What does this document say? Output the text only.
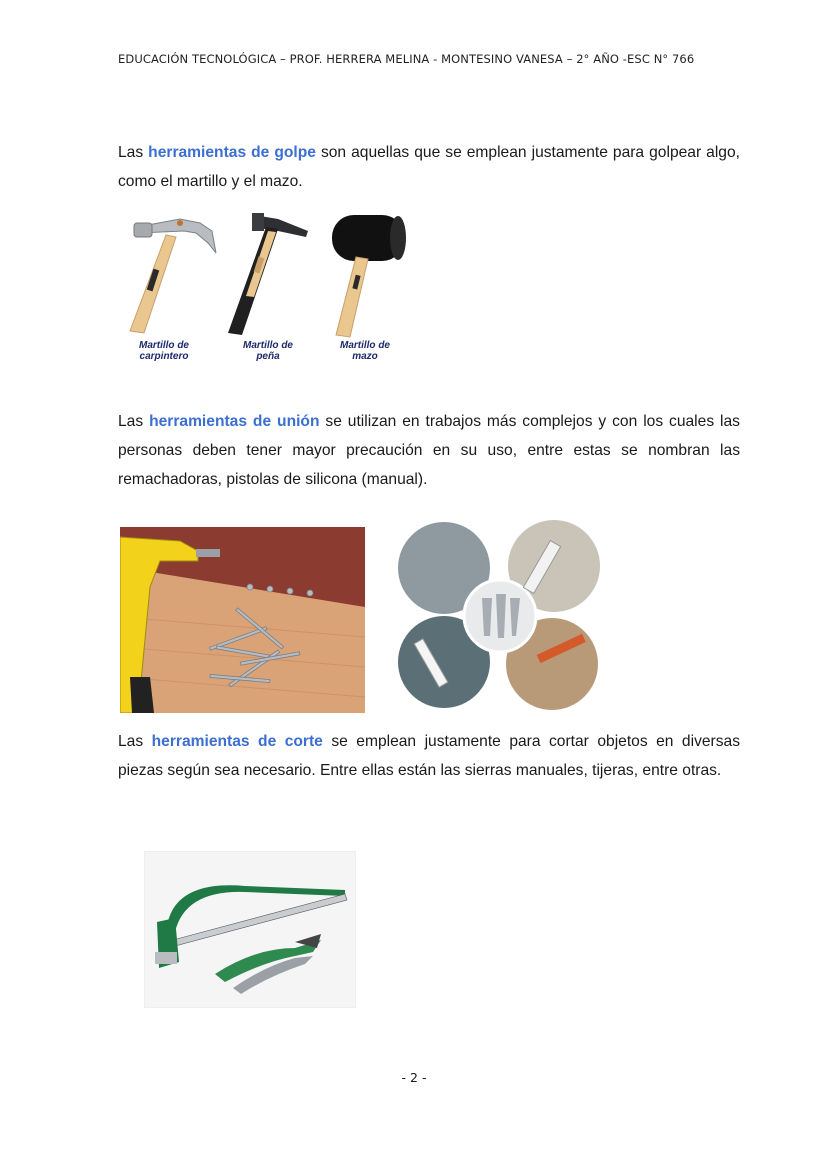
EDUCACIÓN TECNOLÓGICA – PROF. HERRERA MELINA - MONTESINO VANESA – 2° AÑO -ESC N° 766
Las herramientas de golpe son aquellas que se emplean justamente para golpear algo, como el martillo y el mazo.
Martillo de
carpintero
Martillo de
peña
Martillo de
mazo
Las herramientas de unión se utilizan en trabajos más complejos y con los cuales las personas deben tener mayor precaución en su uso, entre estas se nombran las remachadoras, pistolas de silicona (manual).
Las herramientas de corte se emplean justamente para cortar objetos en diversas piezas según sea necesario. Entre ellas están las sierras manuales, tijeras, entre otras.
- 2 -
